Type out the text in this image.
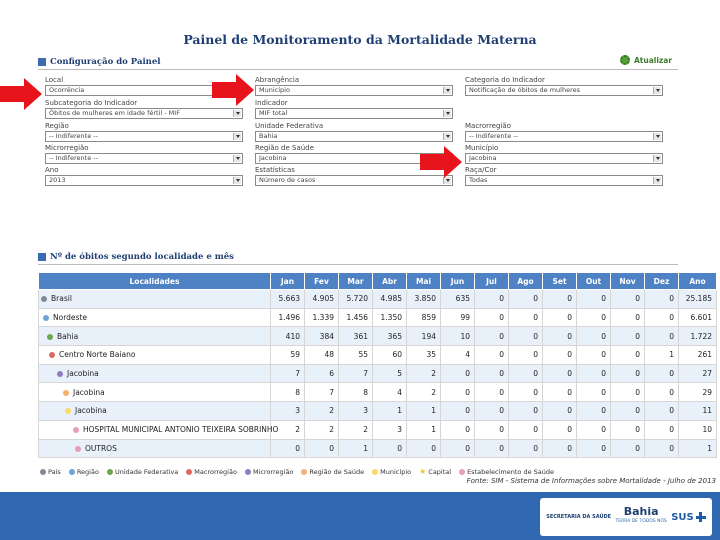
Painel de Monitoramento da Mortalidade Materna
Configuração do Painel	Atualizar
Local
Ocorrência
Abrangência
Município
Categoria do Indicador
Notificação de óbitos de mulheres
Subcategoria do Indicador
Óbitos de mulheres em idade fértil - MIF
Indicador
MIF total
Região
-- Indiferente --
Unidade Federativa
Bahia
Macrorregião
-- Indiferente --
Microrregião
-- Indiferente --
Região de Saúde
Jacobina
Município
Jacobina
Ano
2013
Estatísticas
Número de casos
Raça/Cor
Todas
Nº de óbitos segundo localidade e mês
Localidades	Jan	Fev	Mar	Abr	Mai	Jun	Jul	Ago	Set	Out	Nov	Dez	Ano
Brasil	5.663	4.905	5.720	4.985	3.850	635	0	0	0	0	0	0	25.185
Nordeste	1.496	1.339	1.456	1.350	859	99	0	0	0	0	0	0	6.601
Bahia	410	384	361	365	194	10	0	0	0	0	0	0	1.722
Centro Norte Baiano	59	48	55	60	35	4	0	0	0	0	0	1	261
Jacobina	7	6	7	5	2	0	0	0	0	0	0	0	27
Jacobina	8	7	8	4	2	0	0	0	0	0	0	0	29
Jacobina	3	2	3	1	1	0	0	0	0	0	0	0	11
HOSPITAL MUNICIPAL ANTONIO TEIXEIRA SOBRINHO	2	2	2	3	1	0	0	0	0	0	0	0	10
OUTROS	0	0	1	0	0	0	0	0	0	0	0	0	1
País Região Unidade Federativa Macrorregião Microrregião Região de Saúde Município ★ Capital Estabelecimento de Saúde
Fonte: SIM - Sistema de Informações sobre Mortalidade - Julho de 2013
SECRETARIA DA SAÚDE	Bahia
TERRA DE TODOS NÓS SUS
